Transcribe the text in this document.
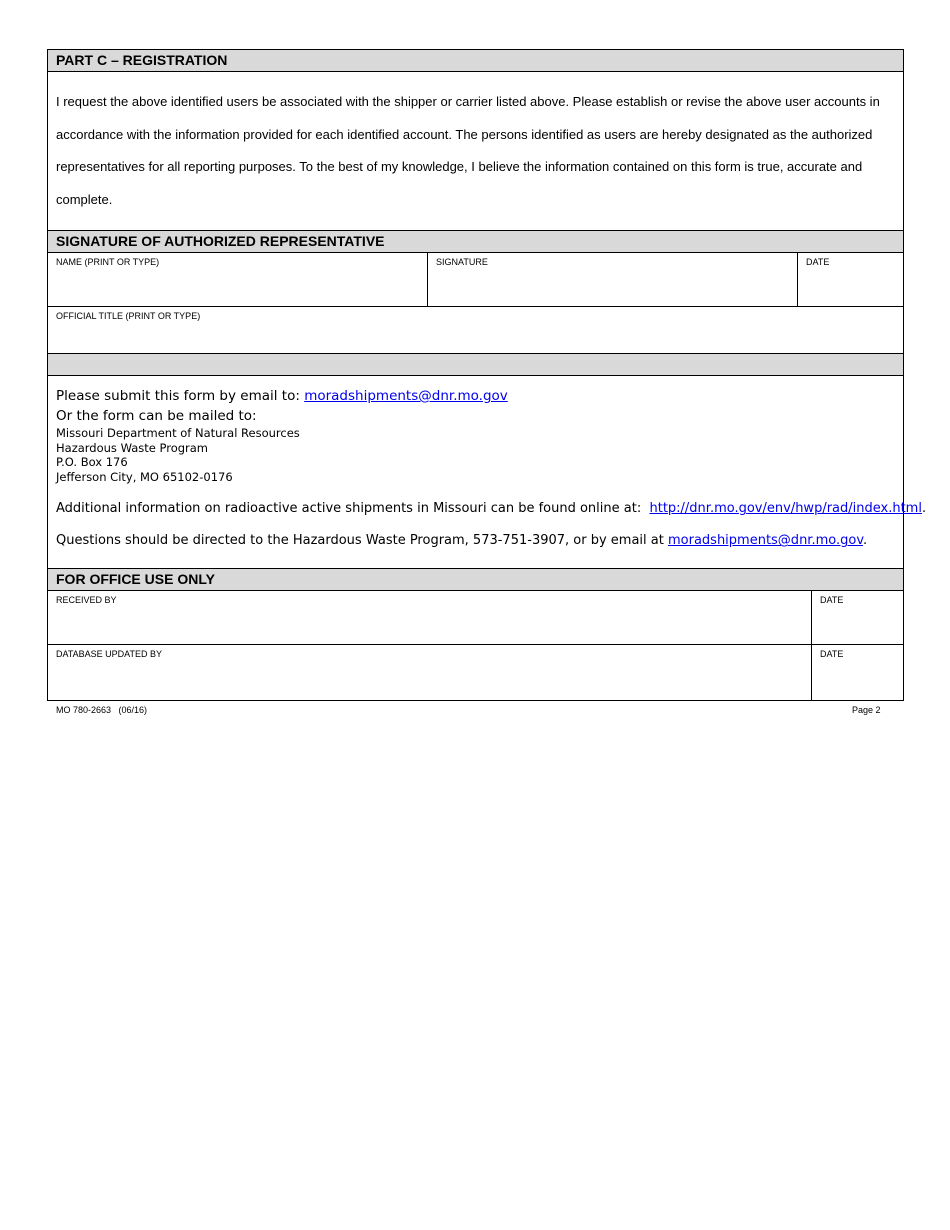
PART C – REGISTRATION
I request the above identified users be associated with the shipper or carrier listed above. Please establish or revise the above user accounts in accordance with the information provided for each identified account. The persons identified as users are hereby designated as the authorized representatives for all reporting purposes. To the best of my knowledge, I believe the information contained on this form is true, accurate and complete.
SIGNATURE OF AUTHORIZED REPRESENTATIVE
NAME (PRINT OR TYPE)	SIGNATURE	DATE
OFFICIAL TITLE (PRINT OR TYPE)
Please submit this form by email to: moradshipments@dnr.mo.gov
Or the form can be mailed to:
Missouri Department of Natural Resources
Hazardous Waste Program
P.O. Box 176
Jefferson City, MO 65102-0176
Additional information on radioactive active shipments in Missouri can be found online at:  http://dnr.mo.gov/env/hwp/rad/index.html.
Questions should be directed to the Hazardous Waste Program, 573-751-3907, or by email at moradshipments@dnr.mo.gov.
FOR OFFICE USE ONLY
RECEIVED BY	DATE
DATABASE UPDATED BY	DATE
MO 780-2663   (06/16)	Page 2
